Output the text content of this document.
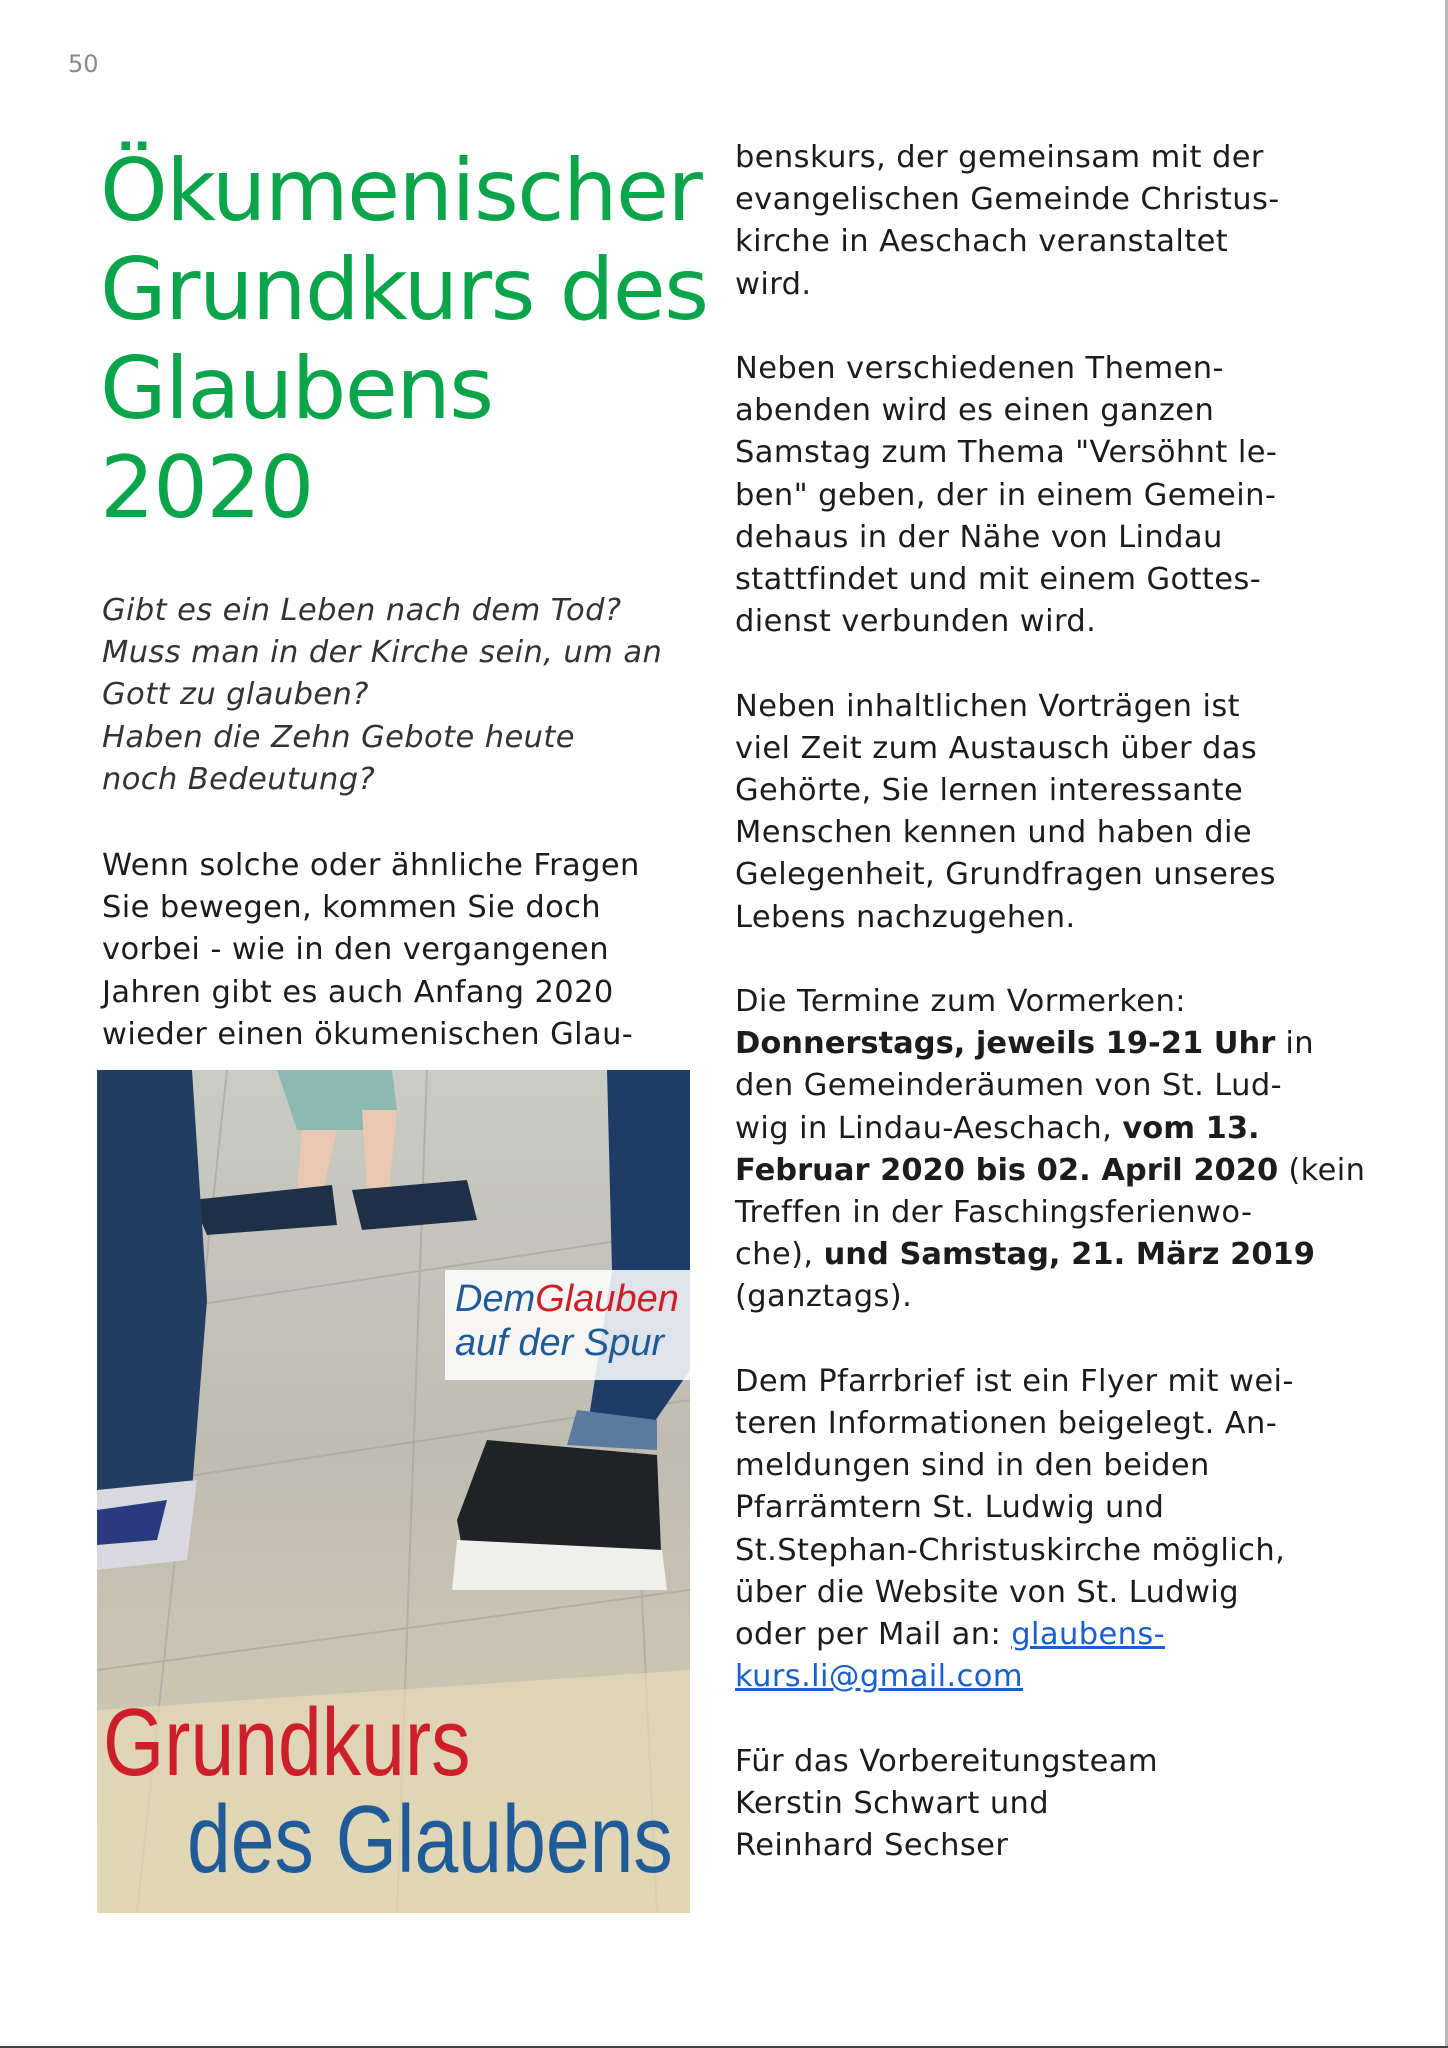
50
Ökumenischer
Grundkurs des
Glaubens
2020
Gibt es ein Leben nach dem Tod?
Muss man in der Kirche sein, um an
Gott zu glauben?
Haben die Zehn Gebote heute
noch Bedeutung?
Wenn solche oder ähnliche Fragen
Sie bewegen, kommen Sie doch
vorbei - wie in den vergangenen
Jahren gibt es auch Anfang 2020
wieder einen ökumenischen Glau-
DemGlauben
auf der Spur
Grundkurs
des Glaubens
benskurs, der gemeinsam mit der
evangelischen Gemeinde Christus-
kirche in Aeschach veranstaltet
wird.
Neben verschiedenen Themen-
abenden wird es einen ganzen
Samstag zum Thema "Versöhnt le-
ben" geben, der in einem Gemein-
dehaus in der Nähe von Lindau
stattfindet und mit einem Gottes-
dienst verbunden wird.
Neben inhaltlichen Vorträgen ist
viel Zeit zum Austausch über das
Gehörte, Sie lernen interessante
Menschen kennen und haben die
Gelegenheit, Grundfragen unseres
Lebens nachzugehen.
Die Termine zum Vormerken:
Donnerstags, jeweils 19-21 Uhr in
den Gemeinderäumen von St. Lud-
wig in Lindau-Aeschach, vom 13.
Februar 2020 bis 02. April 2020 (kein
Treffen in der Faschingsferienwo-
che), und Samstag, 21. März 2019
(ganztags).
Dem Pfarrbrief ist ein Flyer mit wei-
teren Informationen beigelegt. An-
meldungen sind in den beiden
Pfarrämtern St. Ludwig und
St.Stephan-Christuskirche möglich,
über die Website von St. Ludwig
oder per Mail an: glaubens-
kurs.li@gmail.com
Für das Vorbereitungsteam
Kerstin Schwart und
Reinhard Sechser
